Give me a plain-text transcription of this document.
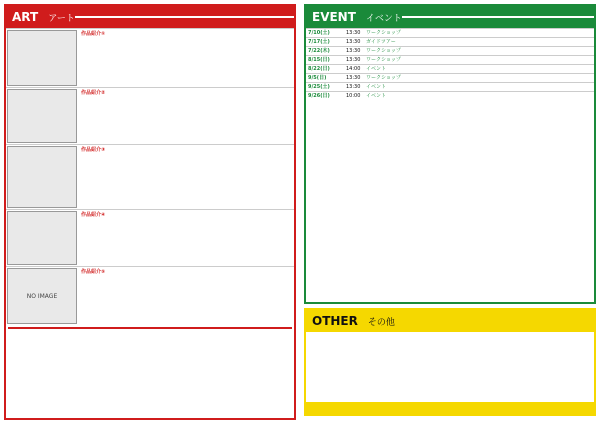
ART	アート
作品紹介①
作品紹介②
作品紹介③
作品紹介④
NO IMAGE
作品紹介⑤
EVENT	イベント
7/10(土)	13:30	ワークショップ
7/17(土)	13:30	ガイドツアー
7/22(木)	13:30	ワークショップ
8/15(日)	13:30	ワークショップ
8/22(日)	14:00	イベント
9/5(日)	13:30	ワークショップ
9/25(土)	13:30	イベント
9/26(日)	10:00	イベント
OTHER	その他
